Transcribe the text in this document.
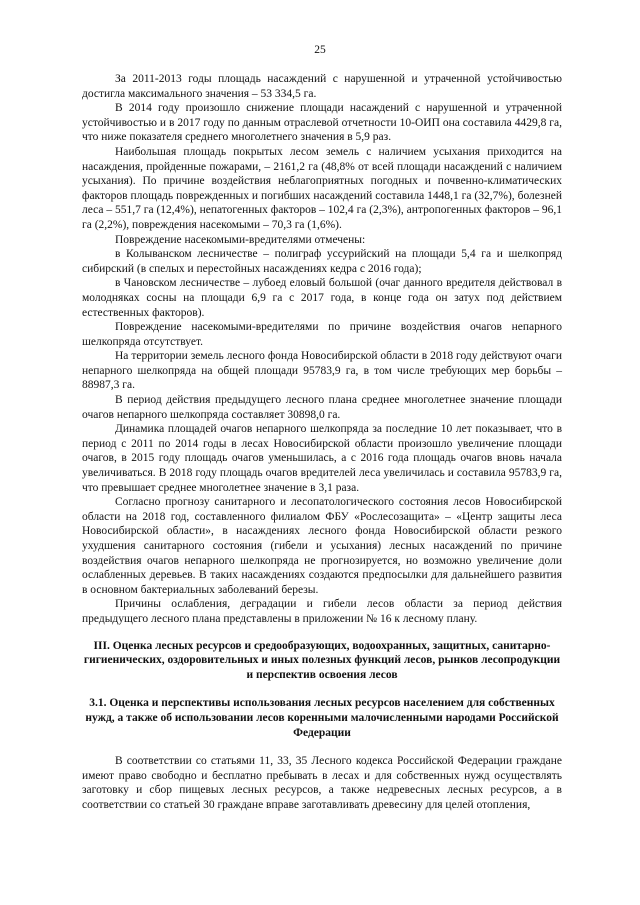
25

За 2011-2013 годы площадь насаждений с нарушенной и утраченной устойчивостью достигла максимального значения – 53 334,5 га.

В 2014 году произошло снижение площади насаждений с нарушенной и утраченной устойчивостью и в 2017 году по данным отраслевой отчетности 10-ОИП она составила 4429,8 га, что ниже показателя среднего многолетнего значения в 5,9 раз.

Наибольшая площадь покрытых лесом земель с наличием усыхания приходится на насаждения, пройденные пожарами, – 2161,2 га (48,8% от всей площади насаждений с наличием усыхания). По причине воздействия неблагоприятных погодных и почвенно-климатических факторов площадь поврежденных и погибших насаждений составила 1448,1 га (32,7%), болезней леса – 551,7 га (12,4%), непатогенных факторов – 102,4 га (2,3%), антропогенных факторов – 96,1 га (2,2%), повреждения насекомыми – 70,3 га (1,6%).

Повреждение насекомыми-вредителями отмечены:

в Колыванском лесничестве – полиграф уссурийский на площади 5,4 га и шелкопряд сибирский (в спелых и перестойных насаждениях кедра с 2016 года);

в Чановском лесничестве – лубоед еловый большой (очаг данного вредителя действовал в молодняках сосны на площади 6,9 га с 2017 года, в конце года он затух под действием естественных факторов).

Повреждение насекомыми-вредителями по причине воздействия очагов непарного шелкопряда отсутствует.

На территории земель лесного фонда Новосибирской области в 2018 году действуют очаги непарного шелкопряда на общей площади 95783,9 га, в том числе требующих мер борьбы – 88987,3 га.

В период действия предыдущего лесного плана среднее многолетнее значение площади очагов непарного шелкопряда составляет 30898,0 га.

Динамика площадей очагов непарного шелкопряда за последние 10 лет показывает, что в период с 2011 по 2014 годы в лесах Новосибирской области произошло увеличение площади очагов, в 2015 году площадь очагов уменьшилась, а с 2016 года площадь очагов вновь начала увеличиваться. В 2018 году площадь очагов вредителей леса увеличилась и составила 95783,9 га, что превышает среднее многолетнее значение в 3,1 раза.

Согласно прогнозу санитарного и лесопатологического состояния лесов Новосибирской области на 2018 год, составленного филиалом ФБУ «Рослесозащита» – «Центр защиты леса Новосибирской области», в насаждениях лесного фонда Новосибирской области резкого ухудшения санитарного состояния (гибели и усыхания) лесных насаждений по причине воздействия очагов непарного шелкопряда не прогнозируется, но возможно увеличение доли ослабленных деревьев. В таких насаждениях создаются предпосылки для дальнейшего развития в основном бактериальных заболеваний березы.

Причины ослабления, деградации и гибели лесов области за период действия предыдущего лесного плана представлены в приложении № 16 к лесному плану.

III. Оценка лесных ресурсов и средообразующих, водоохранных, защитных, санитарно-гигиенических, оздоровительных и иных полезных функций лесов, рынков лесопродукции и перспектив освоения лесов

3.1. Оценка и перспективы использования лесных ресурсов населением для собственных нужд, а также об использовании лесов коренными малочисленными народами Российской Федерации

В соответствии со статьями 11, 33, 35 Лесного кодекса Российской Федерации граждане имеют право свободно и бесплатно пребывать в лесах и для собственных нужд осуществлять заготовку и сбор пищевых лесных ресурсов, а также недревесных лесных ресурсов, а в соответствии со статьей 30 граждане вправе заготавливать древесину для целей отопления,
